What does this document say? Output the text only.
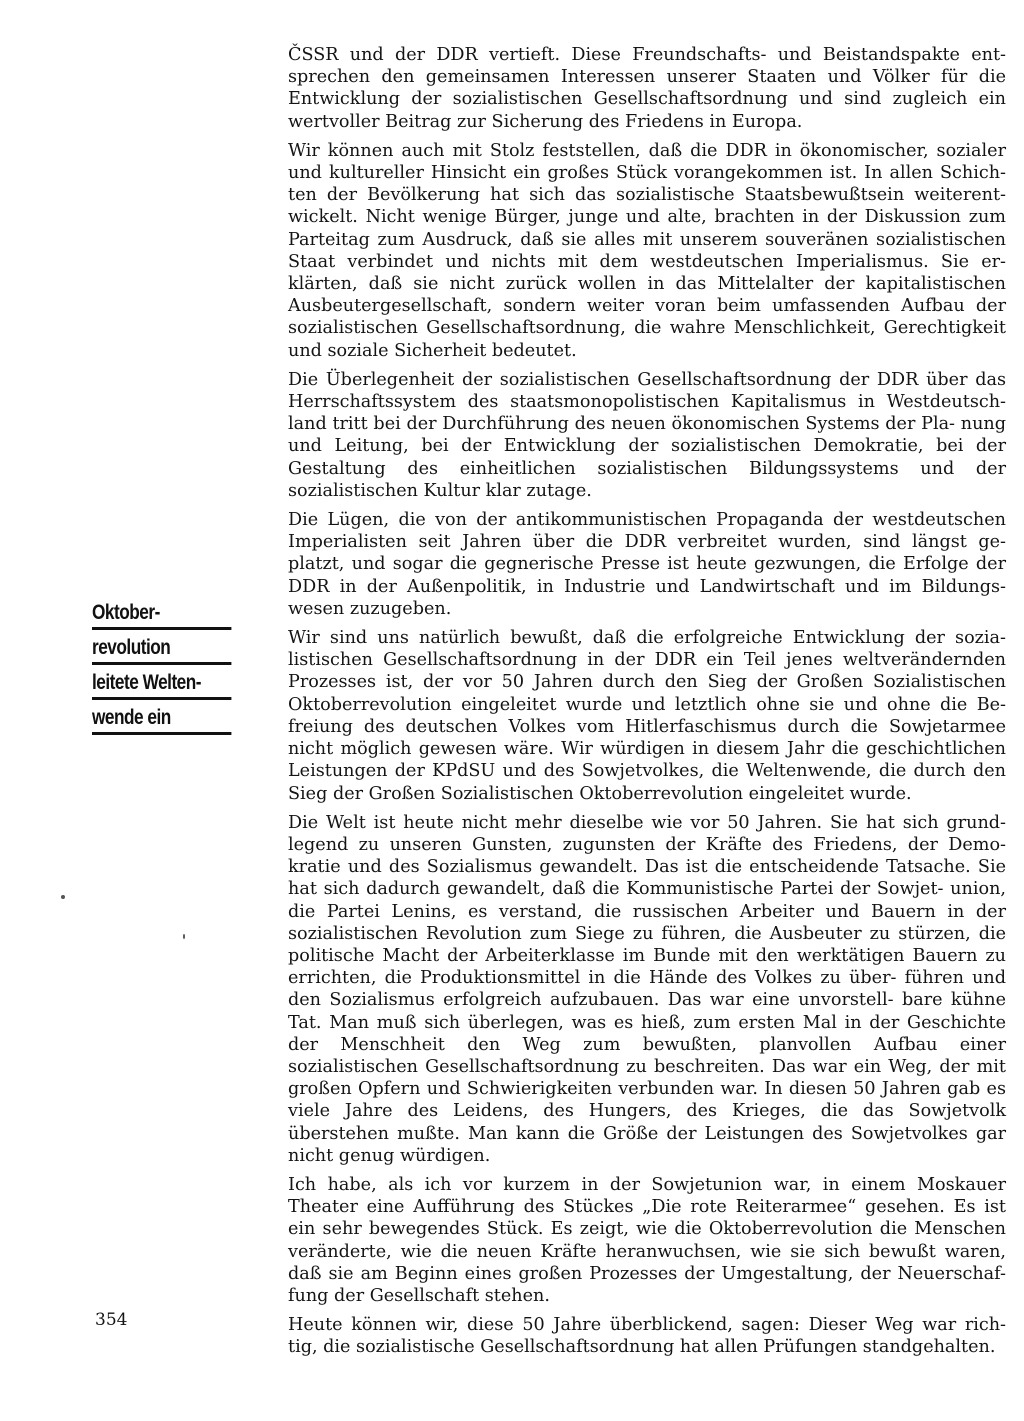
Oktober-
revolution
leitete Welten-
wende ein

ČSSR und der DDR vertieft. Diese Freundschafts- und Beistandspakte ent- sprechen den gemeinsamen Interessen unserer Staaten und Völker für die Entwicklung der sozialistischen Gesellschaftsordnung und sind zugleich ein wertvoller Beitrag zur Sicherung des Friedens in Europa.

Wir können auch mit Stolz feststellen, daß die DDR in ökonomischer, sozialer und kultureller Hinsicht ein großes Stück vorangekommen ist. In allen Schich- ten der Bevölkerung hat sich das sozialistische Staatsbewußtsein weiterent- wickelt. Nicht wenige Bürger, junge und alte, brachten in der Diskussion zum Parteitag zum Ausdruck, daß sie alles mit unserem souveränen sozialistischen Staat verbindet und nichts mit dem westdeutschen Imperialismus. Sie er- klärten, daß sie nicht zurück wollen in das Mittelalter der kapitalistischen Ausbeutergesellschaft, sondern weiter voran beim umfassenden Aufbau der sozialistischen Gesellschaftsordnung, die wahre Menschlichkeit, Gerechtigkeit und soziale Sicherheit bedeutet.

Die Überlegenheit der sozialistischen Gesellschaftsordnung der DDR über das Herrschaftssystem des staatsmonopolistischen Kapitalismus in Westdeutsch- land tritt bei der Durchführung des neuen ökonomischen Systems der Pla- nung und Leitung, bei der Entwicklung der sozialistischen Demokratie, bei der Gestaltung des einheitlichen sozialistischen Bildungssystems und der sozialistischen Kultur klar zutage.

Die Lügen, die von der antikommunistischen Propaganda der westdeutschen Imperialisten seit Jahren über die DDR verbreitet wurden, sind längst ge- platzt, und sogar die gegnerische Presse ist heute gezwungen, die Erfolge der DDR in der Außenpolitik, in Industrie und Landwirtschaft und im Bildungs- wesen zuzugeben.

Wir sind uns natürlich bewußt, daß die erfolgreiche Entwicklung der sozia- listischen Gesellschaftsordnung in der DDR ein Teil jenes weltverändernden Prozesses ist, der vor 50 Jahren durch den Sieg der Großen Sozialistischen Oktoberrevolution eingeleitet wurde und letztlich ohne sie und ohne die Be- freiung des deutschen Volkes vom Hitlerfaschismus durch die Sowjetarmee nicht möglich gewesen wäre. Wir würdigen in diesem Jahr die geschichtlichen Leistungen der KPdSU und des Sowjetvolkes, die Weltenwende, die durch den Sieg der Großen Sozialistischen Oktoberrevolution eingeleitet wurde.

Die Welt ist heute nicht mehr dieselbe wie vor 50 Jahren. Sie hat sich grund- legend zu unseren Gunsten, zugunsten der Kräfte des Friedens, der Demo- kratie und des Sozialismus gewandelt. Das ist die entscheidende Tatsache. Sie hat sich dadurch gewandelt, daß die Kommunistische Partei der Sowjet- union, die Partei Lenins, es verstand, die russischen Arbeiter und Bauern in der sozialistischen Revolution zum Siege zu führen, die Ausbeuter zu stürzen, die politische Macht der Arbeiterklasse im Bunde mit den werktätigen Bauern zu errichten, die Produktionsmittel in die Hände des Volkes zu über- führen und den Sozialismus erfolgreich aufzubauen. Das war eine unvorstell- bare kühne Tat. Man muß sich überlegen, was es hieß, zum ersten Mal in der Geschichte der Menschheit den Weg zum bewußten, planvollen Aufbau einer sozialistischen Gesellschaftsordnung zu beschreiten. Das war ein Weg, der mit großen Opfern und Schwierigkeiten verbunden war. In diesen 50 Jahren gab es viele Jahre des Leidens, des Hungers, des Krieges, die das Sowjetvolk überstehen mußte. Man kann die Größe der Leistungen des Sowjetvolkes gar nicht genug würdigen.

Ich habe, als ich vor kurzem in der Sowjetunion war, in einem Moskauer Theater eine Aufführung des Stückes „Die rote Reiterarmee“ gesehen. Es ist ein sehr bewegendes Stück. Es zeigt, wie die Oktoberrevolution die Menschen veränderte, wie die neuen Kräfte heranwuchsen, wie sie sich bewußt waren, daß sie am Beginn eines großen Prozesses der Umgestaltung, der Neuerschaf- fung der Gesellschaft stehen.

Heute können wir, diese 50 Jahre überblickend, sagen: Dieser Weg war rich- tig, die sozialistische Gesellschaftsordnung hat allen Prüfungen standgehalten.

354
